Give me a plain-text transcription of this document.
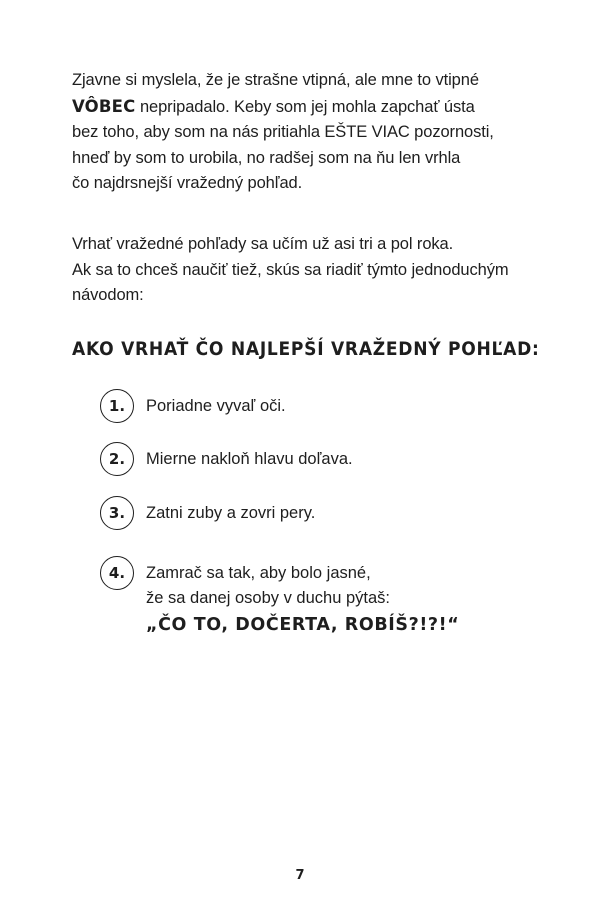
Zjavne si myslela, že je strašne vtipná, ale mne to vtipné
VÔBEC nepripadalo. Keby som jej mohla zapchať ústa
bez toho, aby som na nás pritiahla EŠTE VIAC pozornosti,
hneď by som to urobila, no radšej som na ňu len vrhla
čo najdrsnejší vražedný pohľad.
Vrhať vražedné pohľady sa učím už asi tri a pol roka.
Ak sa to chceš naučiť tiež, skús sa riadiť týmto jednoduchým
návodom:
AKO VRHAŤ ČO NAJLEPŠÍ VRAŽEDNÝ POHĽAD:
1.	Poriadne vyvaľ oči.
2.	Mierne nakloň hlavu doľava.
3.	Zatni zuby a zovri pery.
4.	Zamrač sa tak, aby bolo jasné,
že sa danej osoby v duchu pýtaš:
„ČO TO, DOČERTA, ROBÍŠ?!?!“
7
